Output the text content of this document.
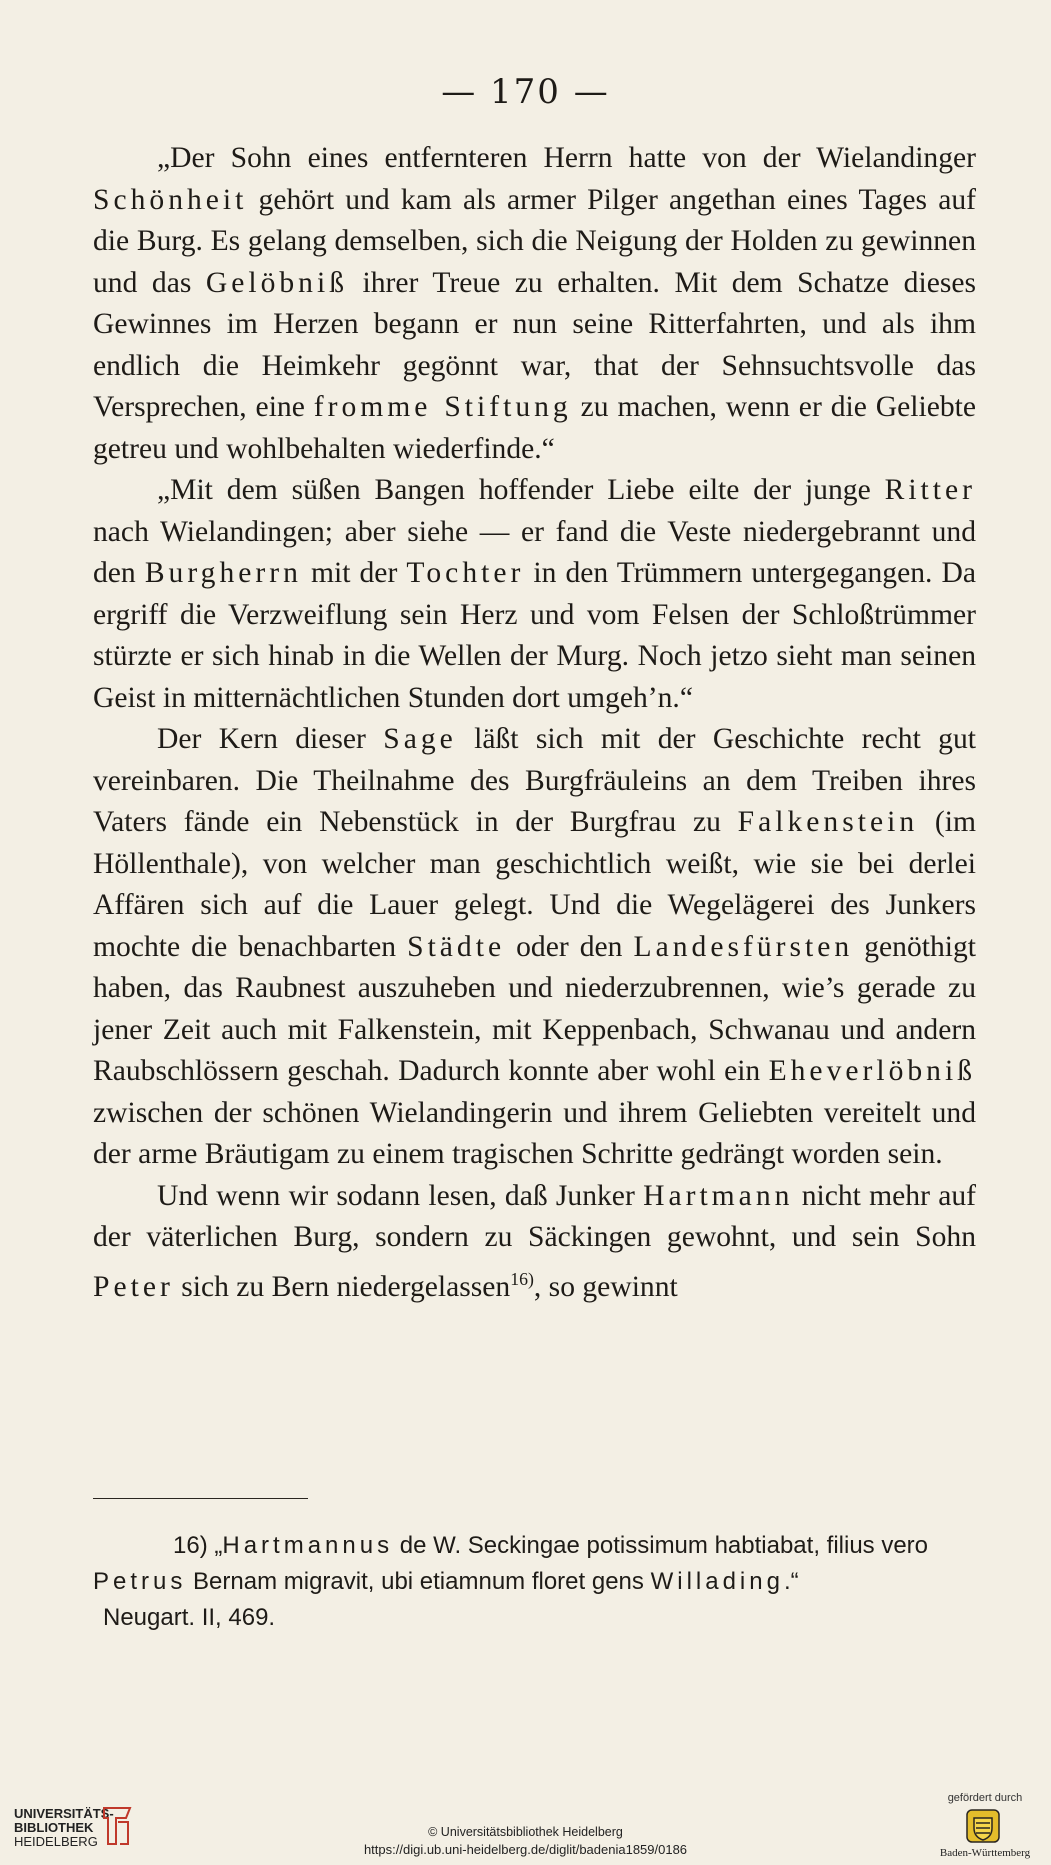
— 170 —

„Der Sohn eines entfernteren Herrn hatte von der Wielandinger Schönheit gehört und kam als armer Pilger angethan eines Tages auf die Burg. Es gelang demselben, sich die Neigung der Holden zu gewinnen und das Gelöbniß ihrer Treue zu erhalten. Mit dem Schatze dieses Gewinnes im Herzen begann er nun seine Ritterfahrten, und als ihm endlich die Heimkehr gegönnt war, that der Sehnsuchtsvolle das Versprechen, eine fromme Stiftung zu machen, wenn er die Geliebte getreu und wohlbehalten wiederfinde.“

„Mit dem süßen Bangen hoffender Liebe eilte der junge Ritter nach Wielandingen; aber siehe — er fand die Veste niedergebrannt und den Burgherrn mit der Tochter in den Trümmern untergegangen. Da ergriff die Verzweiflung sein Herz und vom Felsen der Schloßtrümmer stürzte er sich hinab in die Wellen der Murg. Noch jetzo sieht man seinen Geist in mitternächtlichen Stunden dort umgeh’n.“

Der Kern dieser Sage läßt sich mit der Geschichte recht gut vereinbaren. Die Theilnahme des Burgfräuleins an dem Treiben ihres Vaters fände ein Nebenstück in der Burgfrau zu Falkenstein (im Höllenthale), von welcher man geschichtlich weißt, wie sie bei derlei Affären sich auf die Lauer gelegt. Und die Wegelägerei des Junkers mochte die benachbarten Städte oder den Landesfürsten genöthigt haben, das Raubnest auszuheben und niederzubrennen, wie’s gerade zu jener Zeit auch mit Falkenstein, mit Keppenbach, Schwanau und andern Raubschlössern geschah. Dadurch konnte aber wohl ein Eheverlöbniß zwischen der schönen Wielandingerin und ihrem Geliebten vereitelt und der arme Bräutigam zu einem tragischen Schritte gedrängt worden sein.

Und wenn wir sodann lesen, daß Junker Hartmann nicht mehr auf der väterlichen Burg, sondern zu Säckingen gewohnt, und sein Sohn Peter sich zu Bern niedergelassen$^{16)}$, so gewinnt

16) „Hartmannus de W. Seckingae potissimum habtiabat, filius vero Petrus Bernam migravit, ubi etiamnum floret gens Willading.“

Neugart. II, 469.

UNIVERSITÄTS-
BIBLIOTHEK
HEIDELBERG
© Universitätsbibliothek Heidelberg
https://digi.ub.uni-heidelberg.de/diglit/badenia1859/0186
gefördert durch
Baden-Württemberg
